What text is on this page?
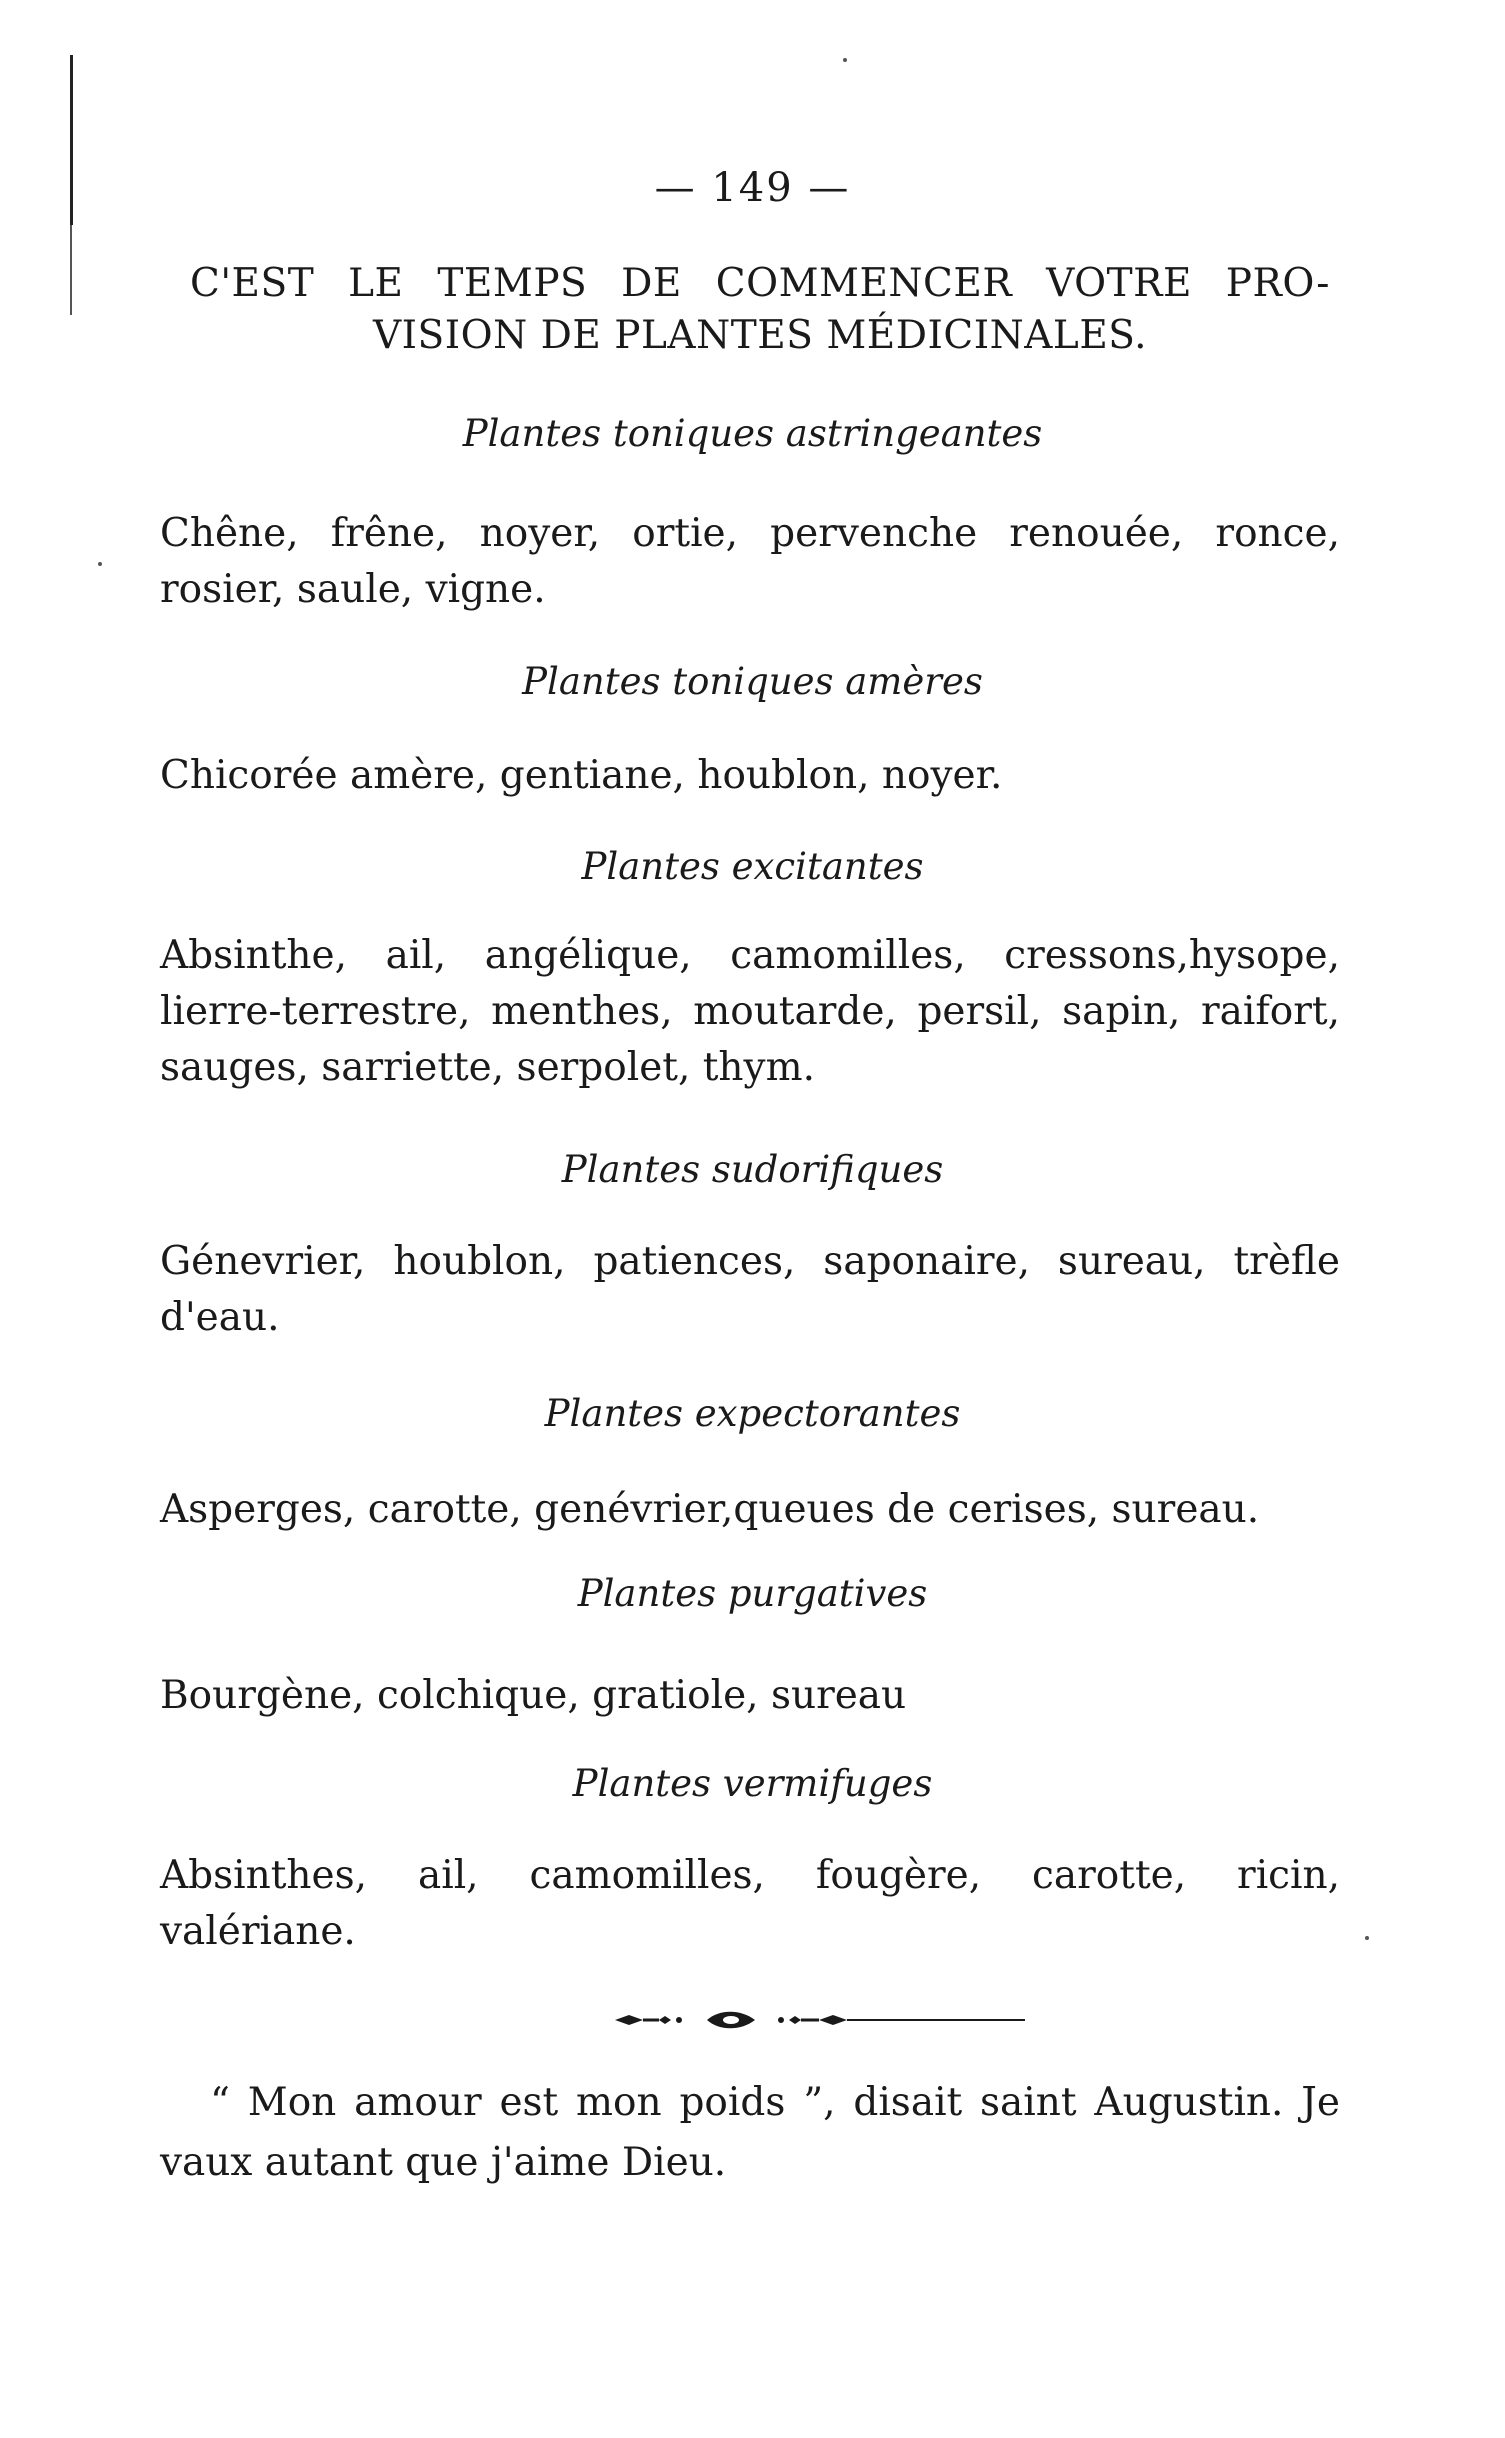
— 149 —
C'EST LE TEMPS DE COMMENCER VOTRE PRO-
VISION DE PLANTES MÉDICINALES.
Plantes toniques astringeantes
Chêne, frêne, noyer, ortie, pervenche renouée, ronce, rosier, saule, vigne.
Plantes toniques amères
Chicorée amère, gentiane, houblon, noyer.
Plantes excitantes
Absinthe, ail, angélique, camomilles, cressons,hysope, lierre-terrestre, menthes, moutarde, persil, sapin, raifort, sauges, sarriette, serpolet, thym.
Plantes sudorifiques
Génevrier, houblon, patiences, saponaire, sureau, trèfle d'eau.
Plantes expectorantes
Asperges, carotte, genévrier,queues de cerises, sureau.
Plantes purgatives
Bourgène, colchique, gratiole, sureau
Plantes vermifuges
Absinthes, ail, camomilles, fougère, carotte, ricin, valériane.
“ Mon amour est mon poids ”, disait saint Augustin. Je vaux autant que j'aime Dieu.
